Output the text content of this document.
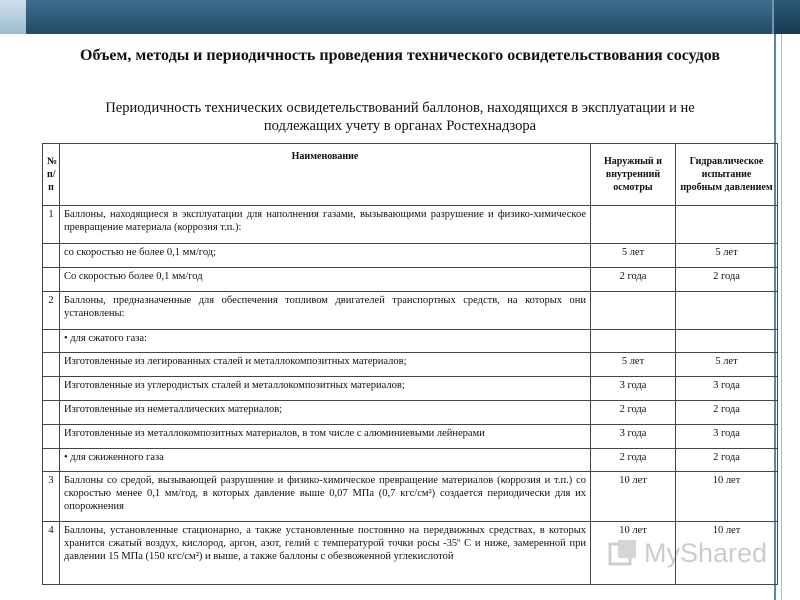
Объем, методы и периодичность проведения технического освидетельствования сосудов
Периодичность технических освидетельствований баллонов, находящихся в эксплуатации и не подлежащих учету в органах Ростехнадзора
№ п/п	Наименование	Наружный и внутренний осмотры	Гидравлическое испытание пробным давлением
1	Баллоны, находящиеся в эксплуатации для наполнения газами, вызывающими разрушение и физико-химическое превращение материала (коррозия т.п.):		
	со скоростью не более 0,1 мм/год;	5 лет	5 лет
	Со скоростью более 0,1 мм/год	2 года	2 года
2	Баллоны, предназначенные для обеспечения топливом двигателей транспортных средств, на которых они установлены:		
	• для сжатого газа:		
	Изготовленные из легированных сталей и металлокомпозитных материалов;	5 лет	5 лет
	Изготовленные из углеродистых сталей и металлокомпозитных материалов;	3 года	3 года
	Изготовленные из неметаллических материалов;	2 года	2 года
	Изготовленные из металлокомпозитных материалов, в том числе с алюминиевыми лейнерами	3 года	3 года
	• для сжиженного газа	2 года	2 года
3	Баллоны со средой, вызывающей разрушение и физико-химическое превращение материалов (коррозия и т.п.) со скоростью менее 0,1 мм/год, в которых давление выше 0,07 МПа (0,7 кгс/см²) создается периодически для их опорожнения	10 лет	10 лет
4	Баллоны, установленные стационарно, а также установленные постоянно на передвижных средствах, в которых хранится сжатый воздух, кислород, аргон, азот, гелий с температурой точки росы -35º С и ниже, замеренной при давлении 15 МПа (150 кгс/см²) и выше, а также баллоны с обезвоженной углекислотой	10 лет	10 лет
MyShared
